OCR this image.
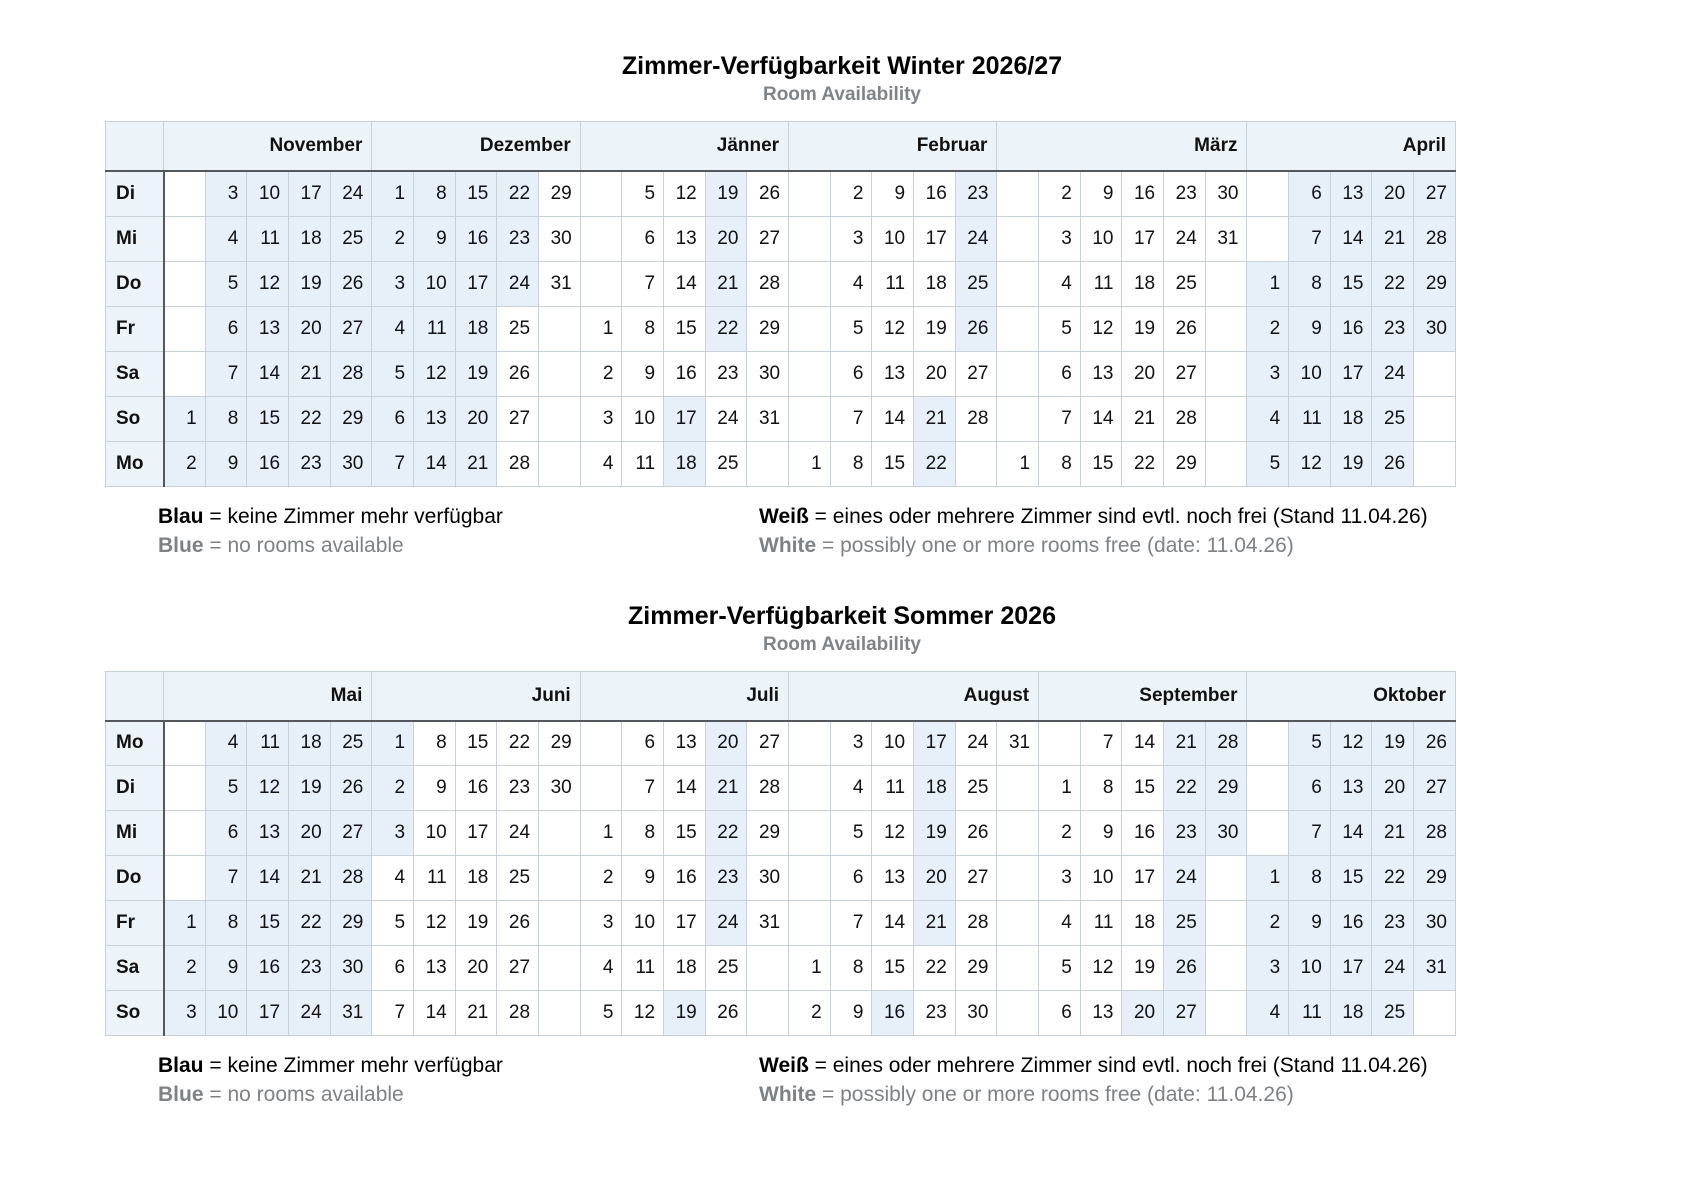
Zimmer-Verfügbarkeit Winter 2026/27
Room Availability
	November					Dezember					Jänner					Februar					März						April				
Di		3	10	17	24	1	8	15	22	29		5	12	19	26		2	9	16	23		2	9	16	23	30		6	13	20	27
Mi		4	11	18	25	2	9	16	23	30		6	13	20	27		3	10	17	24		3	10	17	24	31		7	14	21	28
Do		5	12	19	26	3	10	17	24	31		7	14	21	28		4	11	18	25		4	11	18	25		1	8	15	22	29
Fr		6	13	20	27	4	11	18	25		1	8	15	22	29		5	12	19	26		5	12	19	26		2	9	16	23	30
Sa		7	14	21	28	5	12	19	26		2	9	16	23	30		6	13	20	27		6	13	20	27		3	10	17	24	
So	1	8	15	22	29	6	13	20	27		3	10	17	24	31		7	14	21	28		7	14	21	28		4	11	18	25	
Mo	2	9	16	23	30	7	14	21	28		4	11	18	25		1	8	15	22		1	8	15	22	29		5	12	19	26	
Blau = keine Zimmer mehr verfügbar	Weiß = eines oder mehrere Zimmer sind evtl. noch frei (Stand 11.04.26)
Blue = no rooms available	White = possibly one or more rooms free (date: 11.04.26)
Zimmer-Verfügbarkeit Sommer 2026
Room Availability
	Mai					Juni					Juli					August						September					Oktober				
Mo		4	11	18	25	1	8	15	22	29		6	13	20	27		3	10	17	24	31		7	14	21	28		5	12	19	26
Di		5	12	19	26	2	9	16	23	30		7	14	21	28		4	11	18	25		1	8	15	22	29		6	13	20	27
Mi		6	13	20	27	3	10	17	24		1	8	15	22	29		5	12	19	26		2	9	16	23	30		7	14	21	28
Do		7	14	21	28	4	11	18	25		2	9	16	23	30		6	13	20	27		3	10	17	24		1	8	15	22	29
Fr	1	8	15	22	29	5	12	19	26		3	10	17	24	31		7	14	21	28		4	11	18	25		2	9	16	23	30
Sa	2	9	16	23	30	6	13	20	27		4	11	18	25		1	8	15	22	29		5	12	19	26		3	10	17	24	31
So	3	10	17	24	31	7	14	21	28		5	12	19	26		2	9	16	23	30		6	13	20	27		4	11	18	25	
Blau = keine Zimmer mehr verfügbar	Weiß = eines oder mehrere Zimmer sind evtl. noch frei (Stand 11.04.26)
Blue = no rooms available	White = possibly one or more rooms free (date: 11.04.26)
